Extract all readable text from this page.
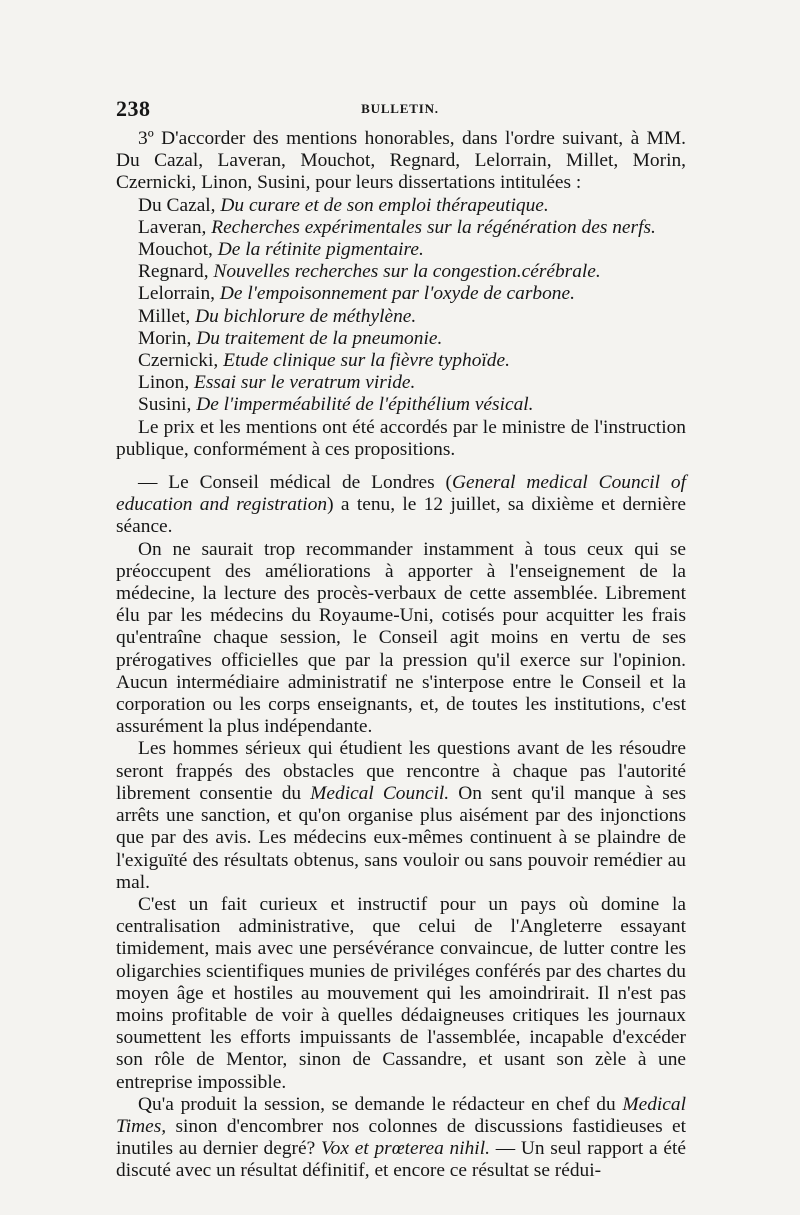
238	BULLETIN.

3º D'accorder des mentions honorables, dans l'ordre suivant, à MM. Du Cazal, Laveran, Mouchot, Regnard, Lelorrain, Millet, Morin, Czernicki, Linon, Susini, pour leurs dissertations intitulées :

Du Cazal, Du curare et de son emploi thérapeutique.
Laveran, Recherches expérimentales sur la régénération des nerfs.
Mouchot, De la rétinite pigmentaire.
Regnard, Nouvelles recherches sur la congestion.cérébrale.
Lelorrain, De l'empoisonnement par l'oxyde de carbone.
Millet, Du bichlorure de méthylène.
Morin, Du traitement de la pneumonie.
Czernicki, Etude clinique sur la fièvre typhoïde.
Linon, Essai sur le veratrum viride.
Susini, De l'imperméabilité de l'épithélium vésical.

Le prix et les mentions ont été accordés par le ministre de l'instruction publique, conformément à ces propositions.

— Le Conseil médical de Londres (General medical Council of education and registration) a tenu, le 12 juillet, sa dixième et dernière séance.

On ne saurait trop recommander instamment à tous ceux qui se préoccupent des améliorations à apporter à l'enseignement de la médecine, la lecture des procès-verbaux de cette assemblée. Librement élu par les médecins du Royaume-Uni, cotisés pour acquitter les frais qu'entraîne chaque session, le Conseil agit moins en vertu de ses prérogatives officielles que par la pression qu'il exerce sur l'opinion. Aucun intermédiaire administratif ne s'interpose entre le Conseil et la corporation ou les corps enseignants, et, de toutes les institutions, c'est assurément la plus indépendante.

Les hommes sérieux qui étudient les questions avant de les résoudre seront frappés des obstacles que rencontre à chaque pas l'autorité librement consentie du Medical Council. On sent qu'il manque à ses arrêts une sanction, et qu'on organise plus aisément par des injonctions que par des avis. Les médecins eux-mêmes continuent à se plaindre de l'exiguïté des résultats obtenus, sans vouloir ou sans pouvoir remédier au mal.

C'est un fait curieux et instructif pour un pays où domine la centralisation administrative, que celui de l'Angleterre essayant timidement, mais avec une persévérance convaincue, de lutter contre les oligarchies scientifiques munies de priviléges conférés par des chartes du moyen âge et hostiles au mouvement qui les amoindrirait. Il n'est pas moins profitable de voir à quelles dédaigneuses critiques les journaux soumettent les efforts impuissants de l'assemblée, incapable d'excéder son rôle de Mentor, sinon de Cassandre, et usant son zèle à une entreprise impossible.

Qu'a produit la session, se demande le rédacteur en chef du Medical Times, sinon d'encombrer nos colonnes de discussions fastidieuses et inutiles au dernier degré? Vox et prœterea nihil. — Un seul rapport a été discuté avec un résultat définitif, et encore ce résultat se rédui-
